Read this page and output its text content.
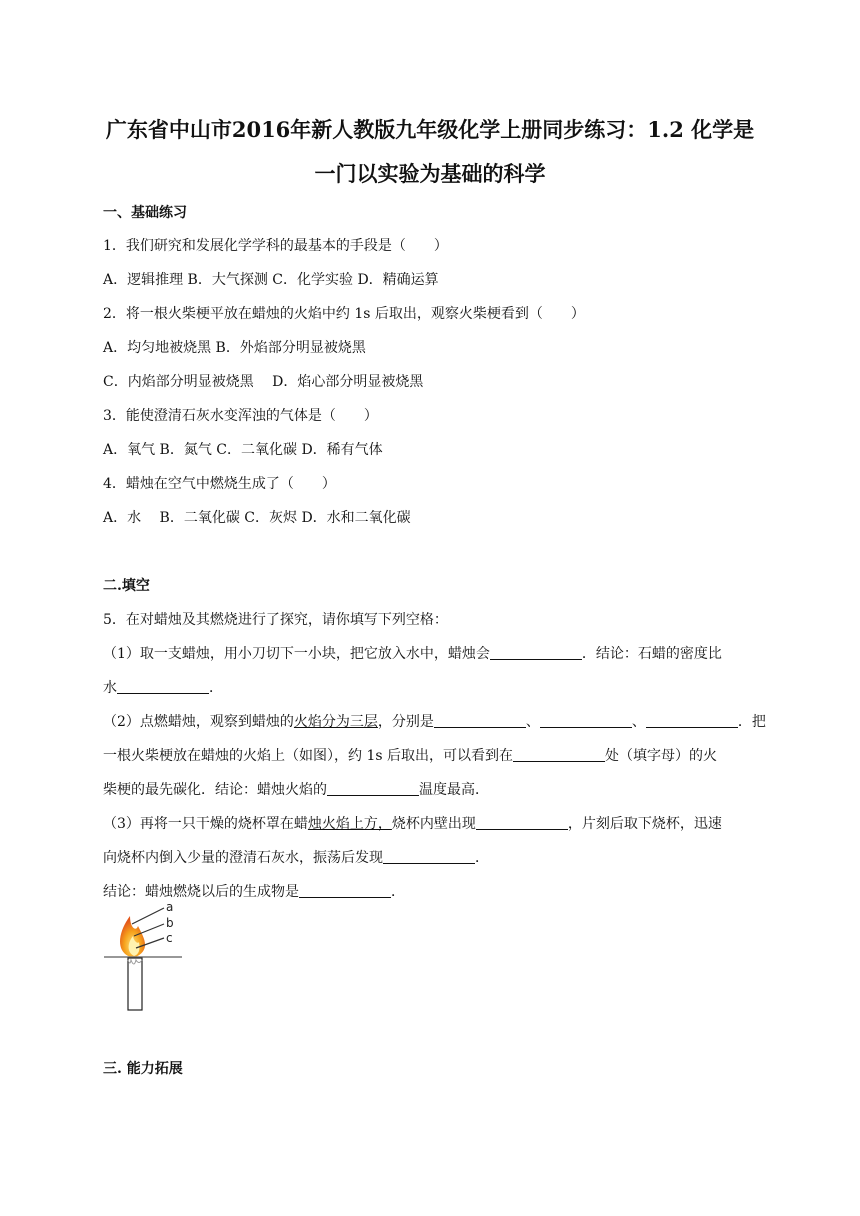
广东省中山市2016年新人教版九年级化学上册同步练习：1.2 化学是
一门以实验为基础的科学
一、基础练习
1．我们研究和发展化学学科的最基本的手段是（　　）
A．逻辑推理 B．大气探测 C．化学实验 D．精确运算
2．将一根火柴梗平放在蜡烛的火焰中约 1s 后取出，观察火柴梗看到（　　）
A．均匀地被烧黑 B．外焰部分明显被烧黑
C．内焰部分明显被烧黑　 D．焰心部分明显被烧黑
3．能使澄清石灰水变浑浊的气体是（　　）
A．氧气 B．氮气 C．二氧化碳 D．稀有气体
4．蜡烛在空气中燃烧生成了（　　）
A．水　 B．二氧化碳 C．灰烬 D．水和二氧化碳
二.填空
5．在对蜡烛及其燃烧进行了探究，请你填写下列空格：
（1）取一支蜡烛，用小刀切下一小块，把它放入水中，蜡烛会	．结论：石蜡的密度比
水	．
（2）点燃蜡烛，观察到蜡烛的火焰分为三层，分别是	、	、	．把
一根火柴梗放在蜡烛的火焰上（如图），约 1s 后取出，可以看到在	处（填字母）的火
柴梗的最先碳化．结论：蜡烛火焰的	温度最高．
（3）再将一只干燥的烧杯罩在蜡烛火焰上方，烧杯内壁出现	，片刻后取下烧杯，迅速
向烧杯内倒入少量的澄清石灰水，振荡后发现	．
结论：蜡烛燃烧以后的生成物是	．
a
b
c
三. 能力拓展
